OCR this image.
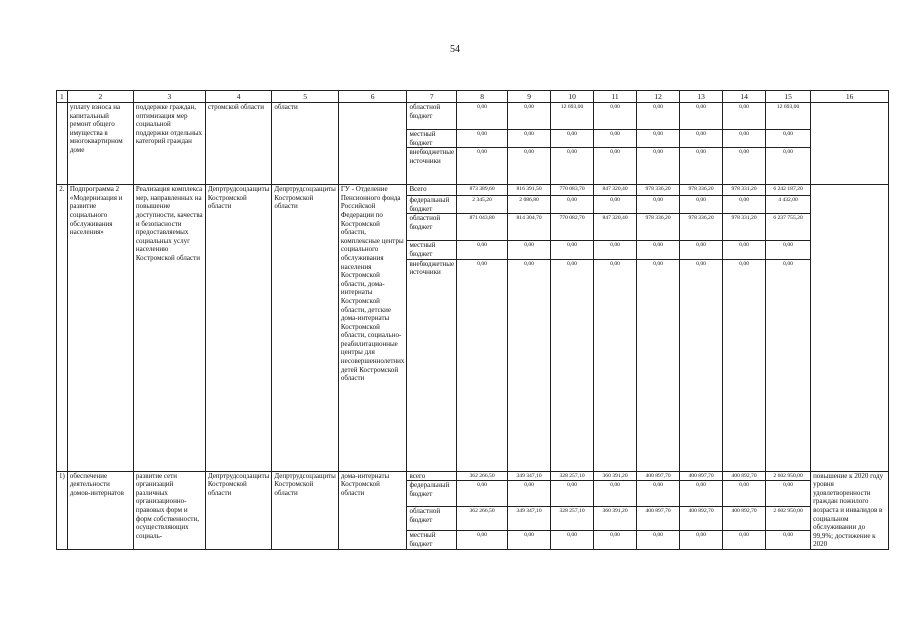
54
1	2	3	4	5	6	7	8	9	10	11	12	13	14	15	16
	уплату взноса на капитальный ремонт общего имущества в многоквартирном доме	поддержке граждан, оптимизация мер социальной поддержки отдельных категорий граждан	стромской области	области		областной бюджет	0,00	0,00	12 693,00	0,00	0,00	0,00	0,00	12 693,00	
						местный бюджет	0,00	0,00	0,00	0,00	0,00	0,00	0,00	0,00	
						внебюджетные источники	0,00	0,00	0,00	0,00	0,00	0,00	0,00	0,00	
2.	Подпрограмма 2 «Модернизация и развитие социального обслуживания населения»	Реализация комплекса мер, направленных на повышение доступности, качества и безопасности предоставляемых социальных услуг населению Костромской области	Депртрудсоцзащиты Костромской области	Депртрудсоцзащиты Костромской области	ГУ - Отделение Пенсионного фонда Российской Федерации по Костромской области, комплексные центры социального обслуживания населения Костромской области, дома-интернаты Костромской области, детские дома-интернаты Костромской области, социально-реабилитационные центры для несовершеннолетних детей Костромской области	Всего	873 389,60	816 391,50	770 083,70	847 320,40	978 336,20	978 336,20	978 331,20	6 242 187,20	
						федеральный бюджет	2 345,20	2 086,80	0,00	0,00	0,00	0,00	0,00	4 432,00	
						областной бюджет	871 043,80	814 304,70	770 082,70	847 320,40	978 336,20	978 336,20	978 331,20	6 237 755,20	
						местный бюджет	0,00	0,00	0,00	0,00	0,00	0,00	0,00	0,00	
						внебюджетные источники	0,00	0,00	0,00	0,00	0,00	0,00	0,00	0,00	
1)	обеспечение деятельности домов-интернатов	развитие сети организаций различных организационно-правовых форм и форм собственности, осуществляющих социаль-	Депртрудсоцзащиты Костромской области	Депртрудсоцзащиты Костромской области	дома-интернаты Костромской области	всего	362 266,50	349 347,10	328 257,10	360 391,20	400 897,70	400 897,70	400 892,70	2 602 950,00	повышение к 2020 году уровня удовлетворенности граждан пожилого возраста и инвалидов в социальном обслуживании до 99,9%; достижение к 2020
						федеральный бюджет	0,00	0,00	0,00	0,00	0,00	0,00	0,00	0,00	
						областной бюджет	362 266,50	349 347,10	328 257,10	360 391,20	400 897,70	400 892,70	400 892,70	2 602 950,00	
						местный бюджет	0,00	0,00	0,00	0,00	0,00	0,00	0,00	0,00	
